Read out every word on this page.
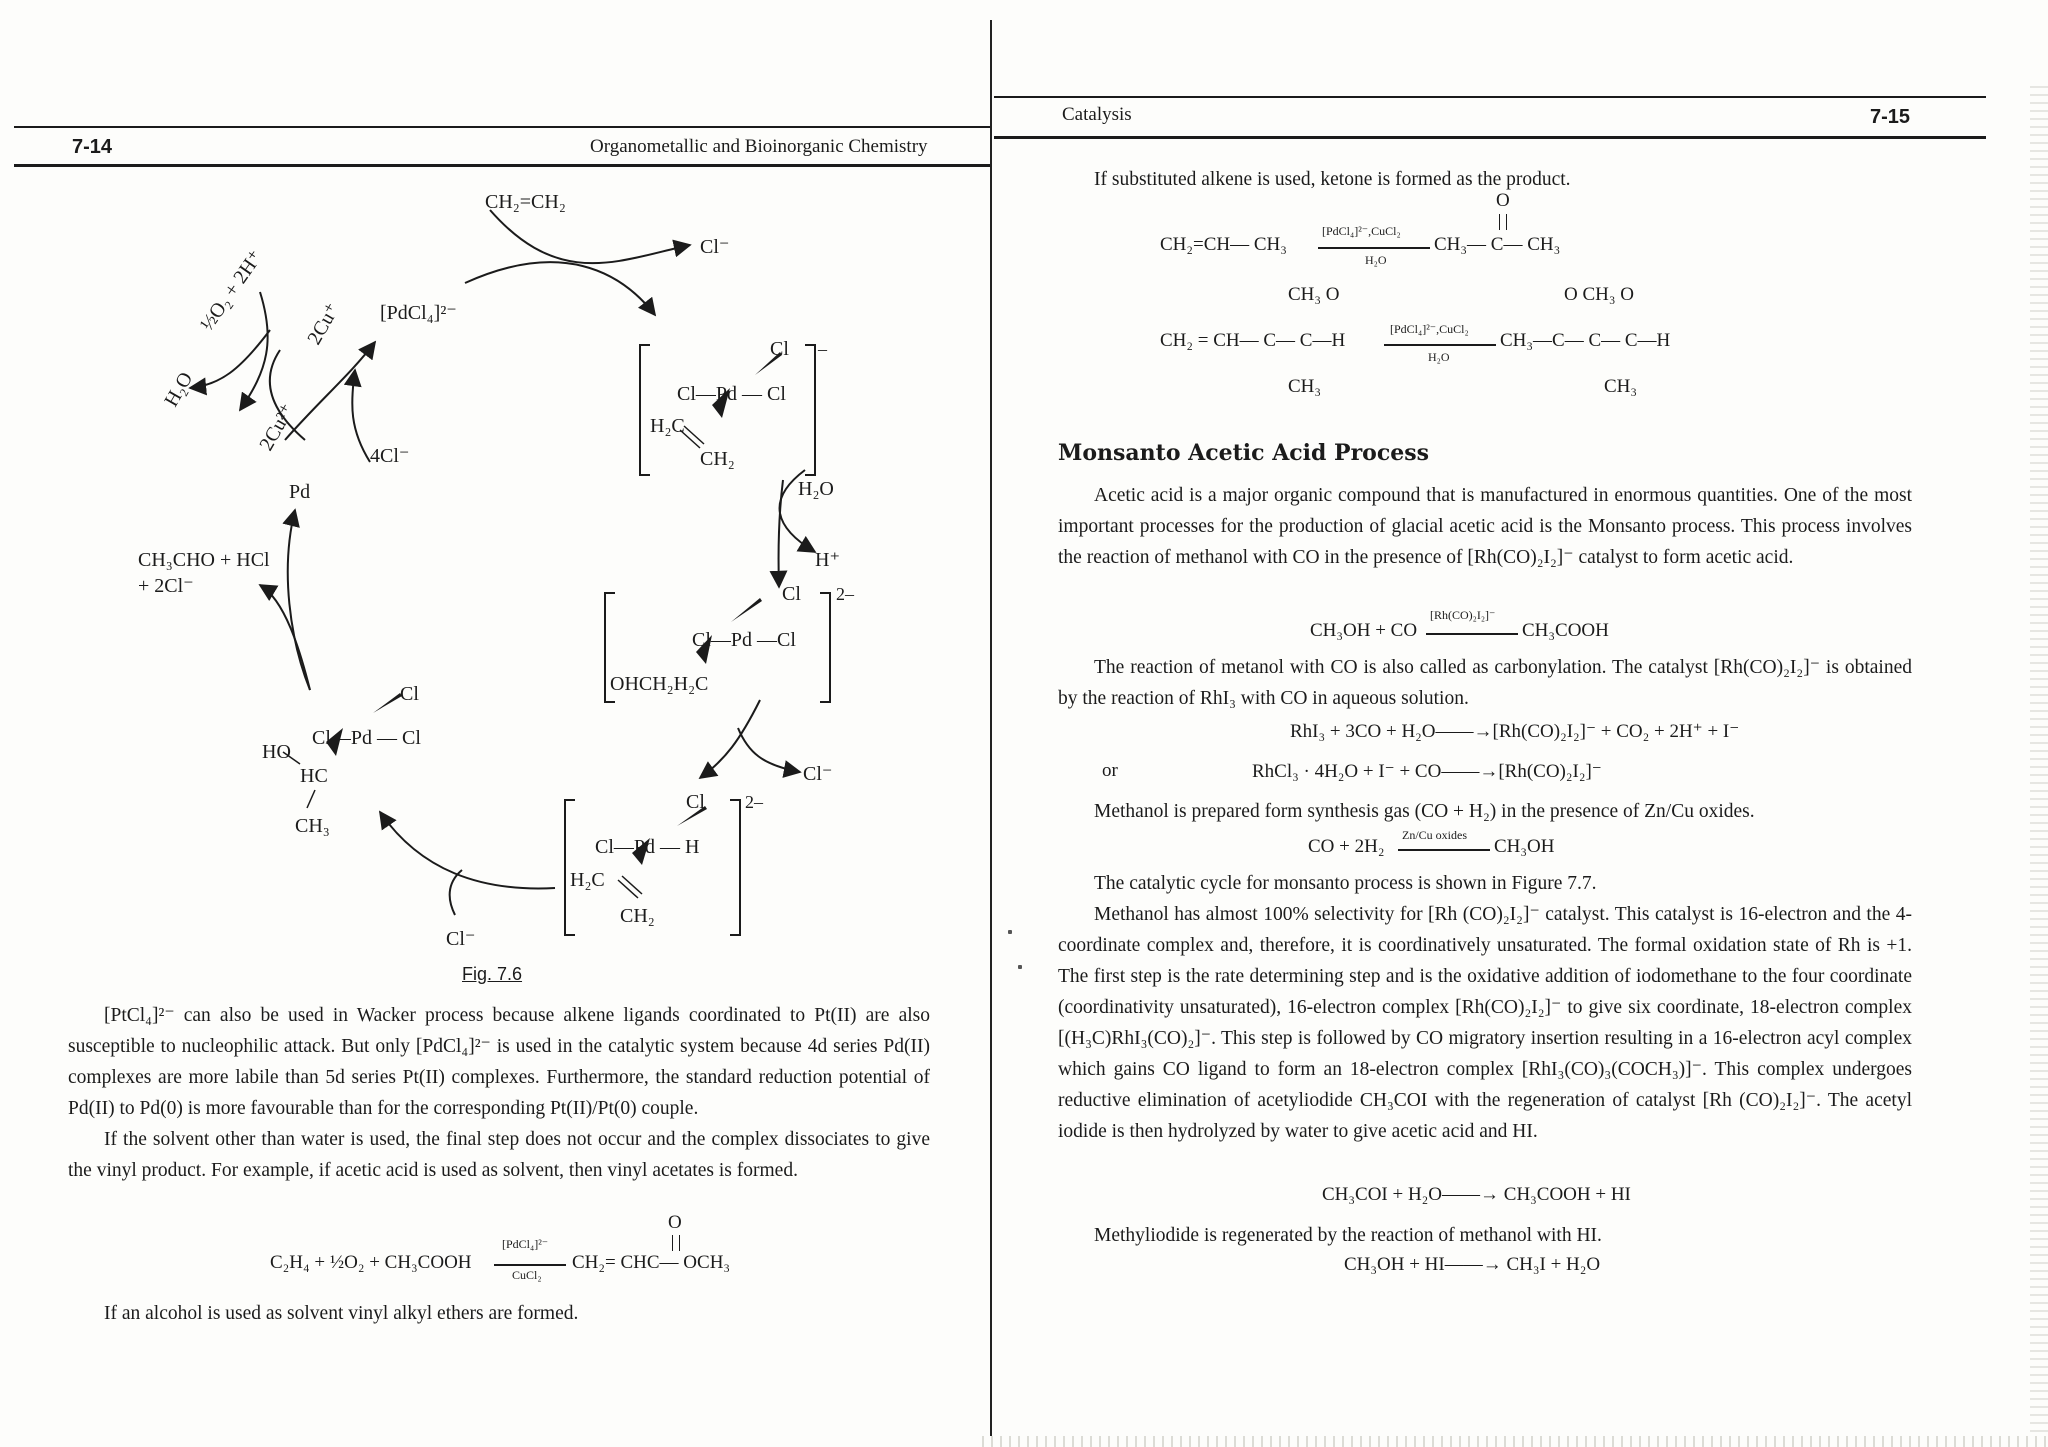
7-14	Organometallic and Bioinorganic Chemistry
CH₂=CH₂
Cl⁻
[PdCl₄]²⁻
½O₂ + 2H⁺
H₂O
2Cu⁺
2Cu²⁺
4Cl⁻
Pd
CH₃CHO + HCl
+ 2Cl⁻
H₂O
H⁺
Cl⁻
Cl⁻
Cl –
Cl—Pd — Cl
H₂C
CH₂
Cl 2–
Cl—Pd —Cl
OHCH₂H₂C
Cl 2–
Cl—Pd — H
H₂C
CH₂
Cl
Cl—Pd — Cl
HO
HC
CH₃
Fig. 7.6

[PtCl₄]²⁻ can also be used in Wacker process because alkene ligands coordinated to Pt(II) are also susceptible to nucleophilic attack. But only [PdCl₄]²⁻ is used in the catalytic system because 4d series Pd(II) complexes are more labile than 5d series Pt(II) complexes. Furthermore, the standard reduction potential of Pd(II) to Pd(0) is more favourable than for the corresponding Pt(II)/Pt(0) couple.

If the solvent other than water is used, the final step does not occur and the complex dissociates to give the vinyl product. For example, if acetic acid is used as solvent, then vinyl acetates is formed.

C₂H₄ + ½O₂ + CH₃COOH
[PdCl₄]²⁻
CuCl₂
CH₂= CHC— OCH₃
O
If an alcohol is used as solvent vinyl alkyl ethers are formed.
Catalysis	7-15
If substituted alkene is used, ketone is formed as the product.
CH₂=CH— CH₃
[PdCl₄]²⁻,CuCl₂
H₂O
CH₃— C— CH₃
O
CH₃ O
CH₂ = CH— C— C—H
CH₃
[PdCl₄]²⁻,CuCl₂
H₂O
CH₃—C— C— C—H
O CH₃ O
CH₃
Monsanto Acetic Acid Process

Acetic acid is a major organic compound that is manufactured in enormous quantities. One of the most important processes for the production of glacial acetic acid is the Monsanto process. This process involves the reaction of methanol with CO in the presence of [Rh(CO)₂I₂]⁻ catalyst to form acetic acid.

CH₃OH + CO
[Rh(CO)₂I₂]⁻
CH₃COOH

The reaction of metanol with CO is also called as carbonylation. The catalyst [Rh(CO)₂I₂]⁻ is obtained by the reaction of RhI₃ with CO in aqueous solution.

RhI₃ + 3CO + H₂O——→[Rh(CO)₂I₂]⁻ + CO₂ + 2H⁺ + I⁻
or	RhCl₃ · 4H₂O + I⁻ + CO——→[Rh(CO)₂I₂]⁻
Methanol is prepared form synthesis gas (CO + H₂) in the presence of Zn/Cu oxides.
CO + 2H₂
Zn/Cu oxides
CH₃OH

The catalytic cycle for monsanto process is shown in Figure 7.7.

Methanol has almost 100% selectivity for [Rh (CO)₂I₂]⁻ catalyst. This catalyst is 16-electron and the 4-coordinate complex and, therefore, it is coordinatively unsaturated. The formal oxidation state of Rh is +1. The first step is the rate determining step and is the oxidative addition of iodomethane to the four coordinate (coordinativity unsaturated), 16-electron complex [Rh(CO)₂I₂]⁻ to give six coordinate, 18-electron complex [(H₃C)RhI₃(CO)₂]⁻. This step is followed by CO migratory insertion resulting in a 16-electron acyl complex which gains CO ligand to form an 18-electron complex [RhI₃(CO)₃(COCH₃)]⁻. This complex undergoes reductive elimination of acetyliodide CH₃COI with the regeneration of catalyst [Rh (CO)₂I₂]⁻. The acetyl iodide is then hydrolyzed by water to give acetic acid and HI.

CH₃COI + H₂O——→ CH₃COOH + HI
Methyliodide is regenerated by the reaction of methanol with HI.
CH₃OH + HI——→ CH₃I + H₂O
